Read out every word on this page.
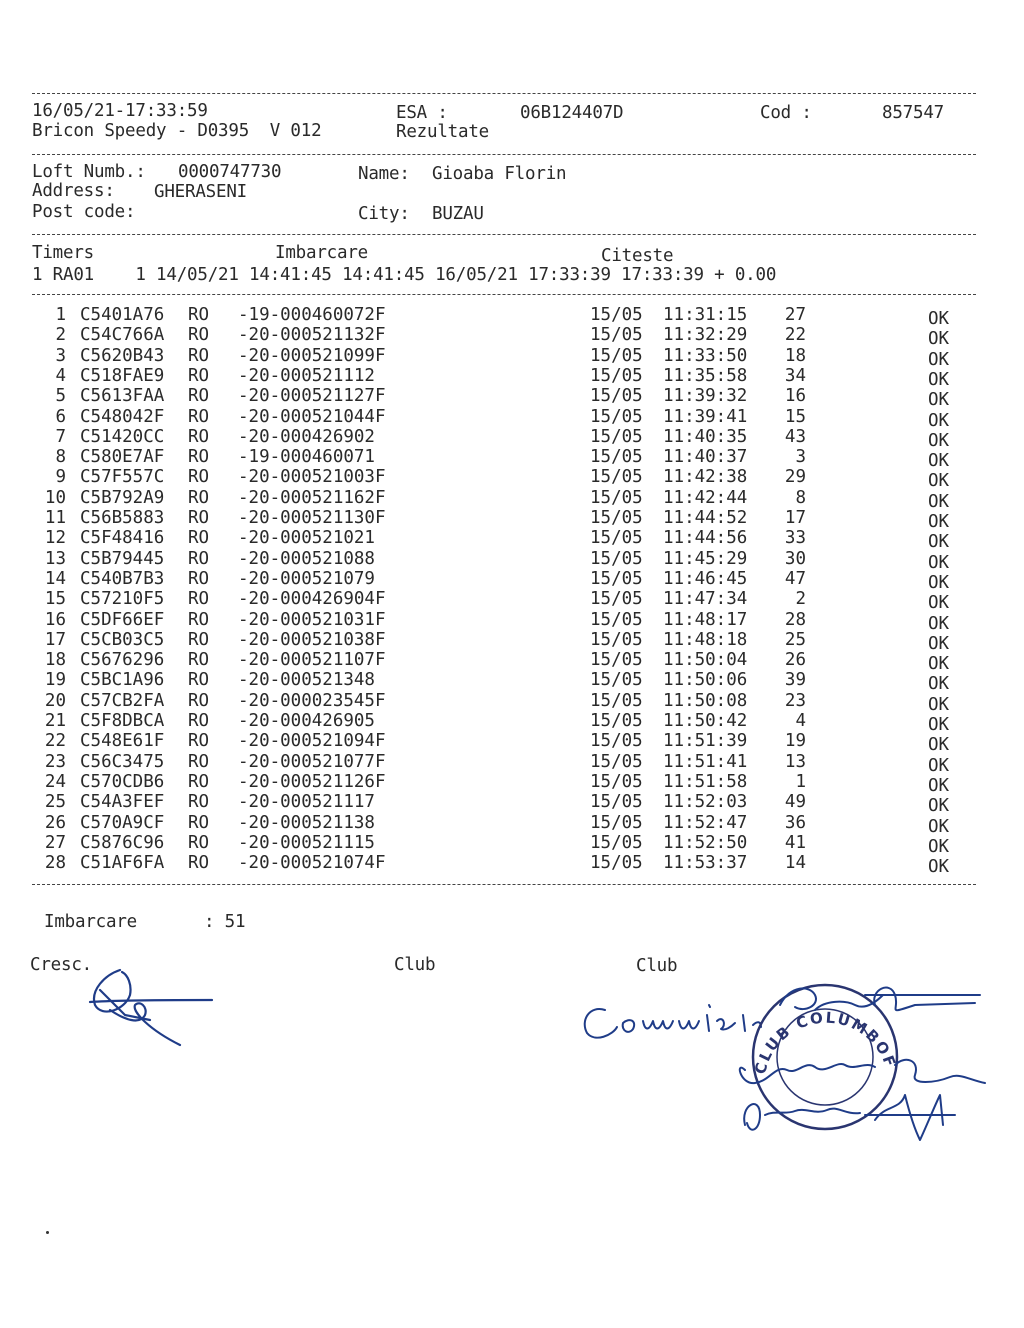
16/05/21-17:33:59	ESA :	06B124407D	Cod :	857547
Bricon Speedy - D0395  V 012	Rezultate
Loft Numb.: 0000747730	Name: Gioaba Florin
Address: GHERASENI
Post code:	City: BUZAU
Timers	Imbarcare	Citeste
1 RA01    1 14/05/21 14:41:45 14:41:45 16/05/21 17:33:39 17:33:39 + 0.00
1 C5401A76 RO -19-000460072F	15/05 11:31:15	27	OK
2 C54C766A RO -20-000521132F	15/05 11:32:29	22	OK
3 C5620B43 RO -20-000521099F	15/05 11:33:50	18	OK
4 C518FAE9 RO -20-000521112	15/05 11:35:58	34	OK
5 C5613FAA RO -20-000521127F	15/05 11:39:32	16	OK
6 C548042F RO -20-000521044F	15/05 11:39:41	15	OK
7 C51420CC RO -20-000426902	15/05 11:40:35	43	OK
8 C580E7AF RO -19-000460071	15/05 11:40:37	3	OK
9 C57F557C RO -20-000521003F	15/05 11:42:38	29	OK
10 C5B792A9 RO -20-000521162F	15/05 11:42:44	8	OK
11 C56B5883 RO -20-000521130F	15/05 11:44:52	17	OK
12 C5F48416 RO -20-000521021	15/05 11:44:56	33	OK
13 C5B79445 RO -20-000521088	15/05 11:45:29	30	OK
14 C540B7B3 RO -20-000521079	15/05 11:46:45	47	OK
15 C57210F5 RO -20-000426904F	15/05 11:47:34	2	OK
16 C5DF66EF RO -20-000521031F	15/05 11:48:17	28	OK
17 C5CB03C5 RO -20-000521038F	15/05 11:48:18	25	OK
18 C5676296 RO -20-000521107F	15/05 11:50:04	26	OK
19 C5BC1A96 RO -20-000521348	15/05 11:50:06	39	OK
20 C57CB2FA RO -20-000023545F	15/05 11:50:08	23	OK
21 C5F8DBCA RO -20-000426905	15/05 11:50:42	4	OK
22 C548E61F RO -20-000521094F	15/05 11:51:39	19	OK
23 C56C3475 RO -20-000521077F	15/05 11:51:41	13	OK
24 C570CDB6 RO -20-000521126F	15/05 11:51:58	1	OK
25 C54A3FEF RO -20-000521117	15/05 11:52:03	49	OK
26 C570A9CF RO -20-000521138	15/05 11:52:47	36	OK
27 C5876C96 RO -20-000521115	15/05 11:52:50	41	OK
28 C51AF6FA RO -20-000521074F	15/05 11:53:37	14	OK
Imbarcare	: 51
Cresc.	Club	Club
CLUB COLUMBOFIL
